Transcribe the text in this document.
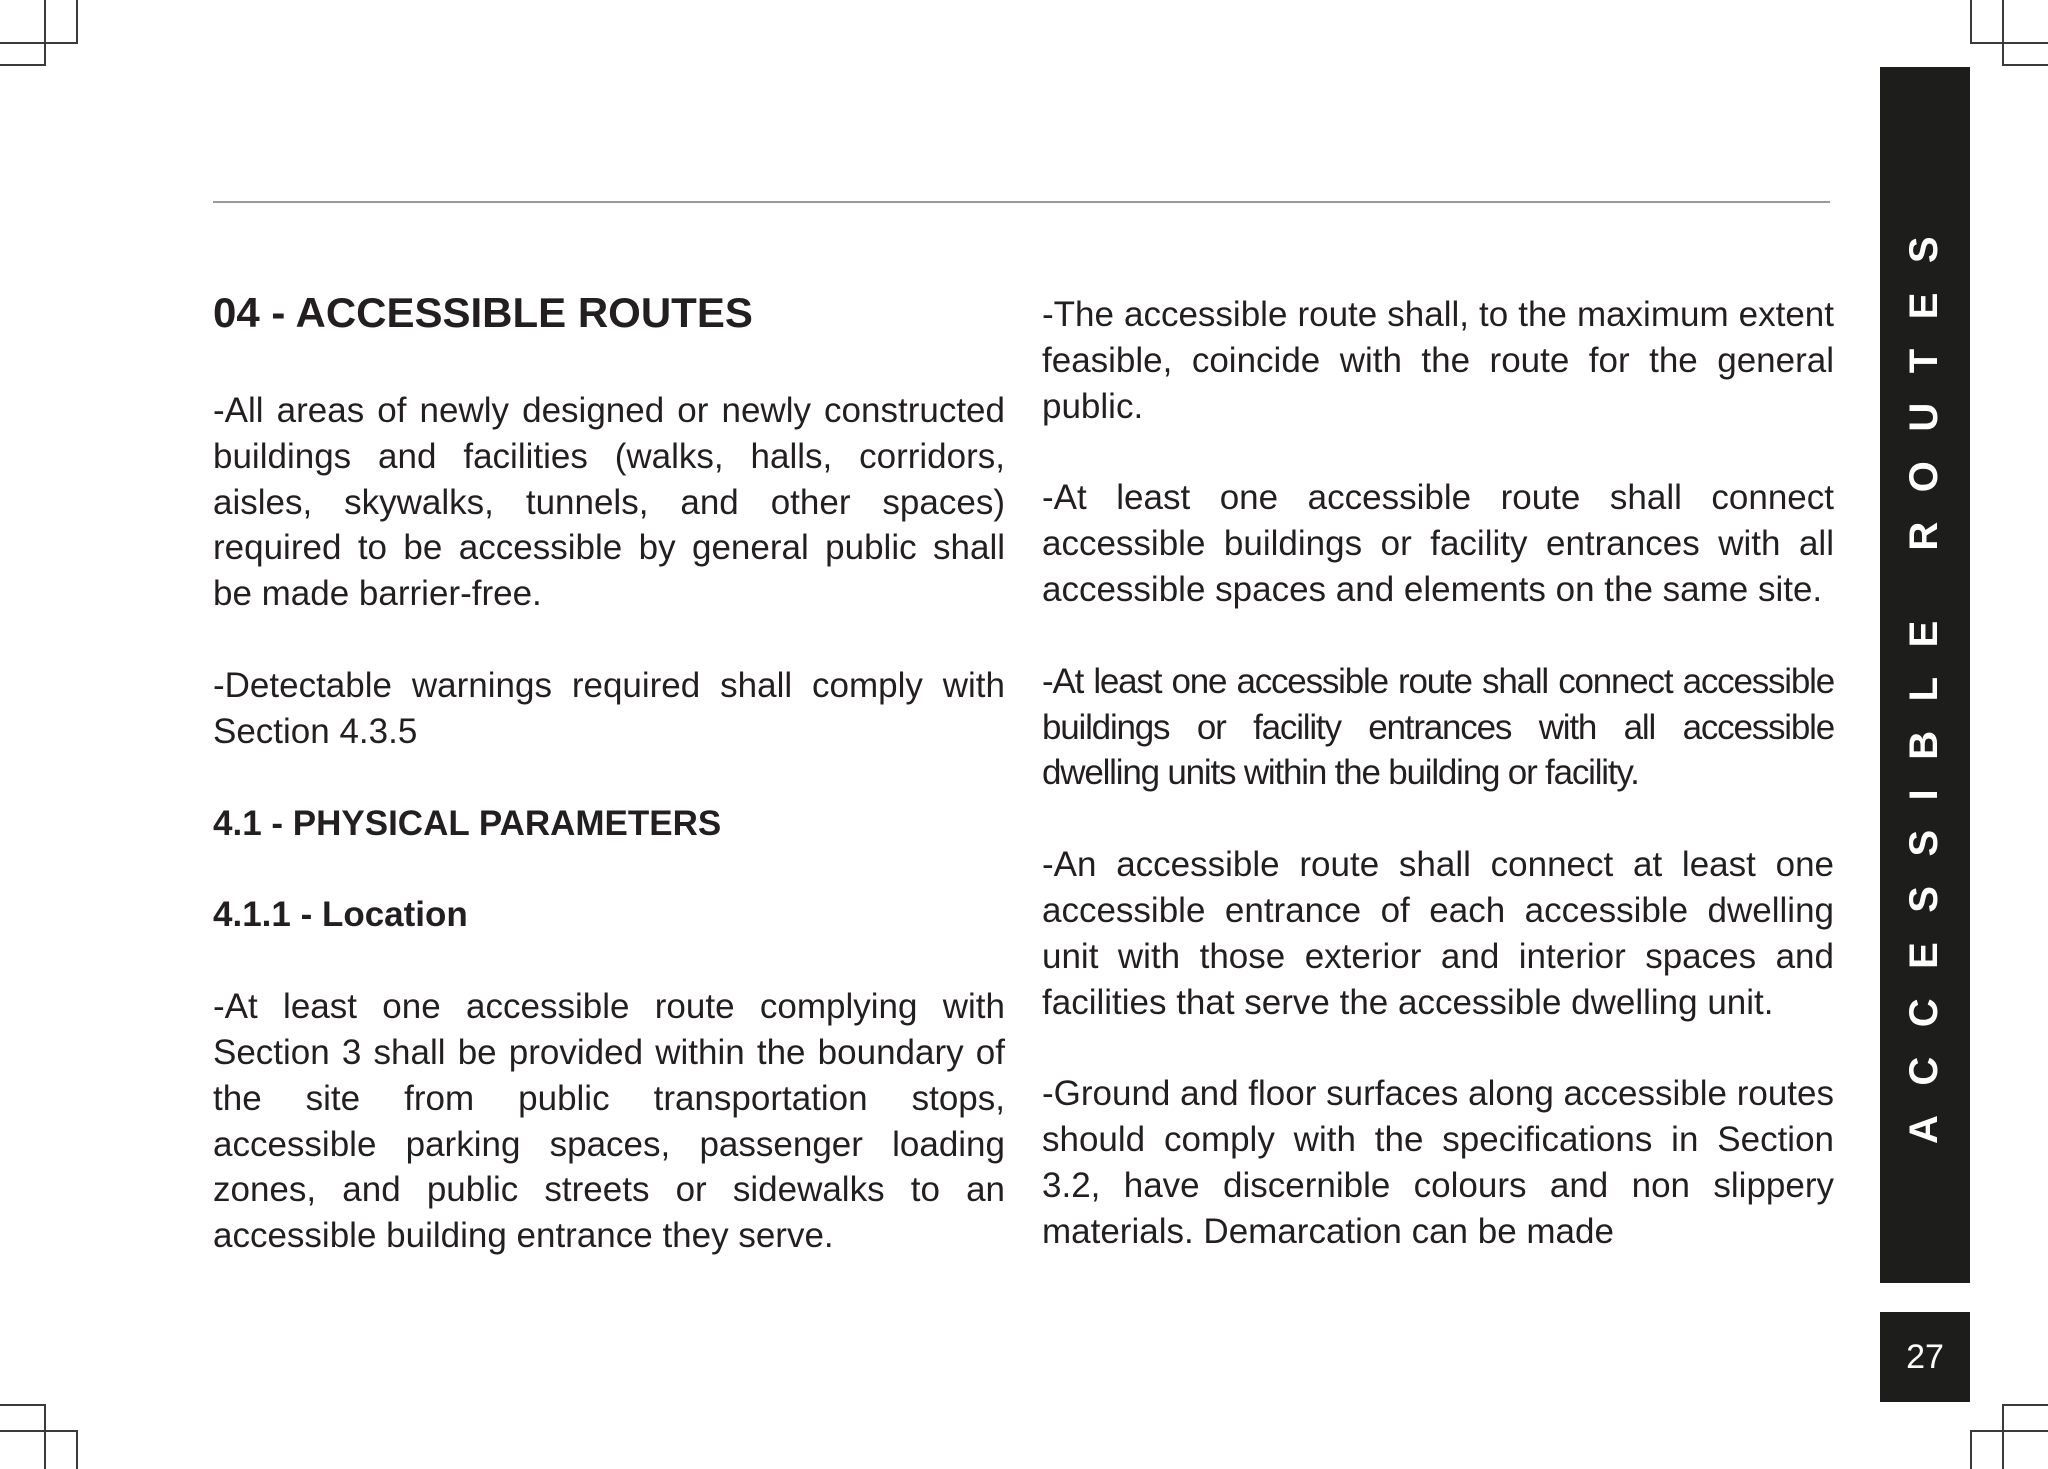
04 - ACCESSIBLE ROUTES

-All areas of newly designed or newly constructed buildings and facilities (walks, halls, corridors, aisles, skywalks, tunnels, and other spaces) required to be accessible by general public shall be made barrier-free.

-Detectable warnings required shall comply with Section 4.3.5

4.1 - PHYSICAL PARAMETERS
4.1.1 - Location

-At least one accessible route complying with Section 3 shall be provided within the boundary of the site from public transportation stops, accessible parking spaces, passenger loading zones, and public streets or sidewalks to an accessible building entrance they serve.

-The accessible route shall, to the maximum extent feasible, coincide with the route for the general public.

-At least one accessible route shall connect accessible buildings or facility entrances with all accessible spaces and elements on the same site.

-At least one accessible route shall connect accessible buildings or facility entrances with all accessible dwelling units within the building or facility.

-An accessible route shall connect at least one accessible entrance of each accessible dwelling unit with those exterior and interior spaces and facilities that serve the accessible dwelling unit.

-Ground and floor surfaces along accessible routes should comply with the specifications in Section 3.2, have discernible colours and non slippery materials. Demarcation can be made

ACCESSIBLE ROUTES
27
